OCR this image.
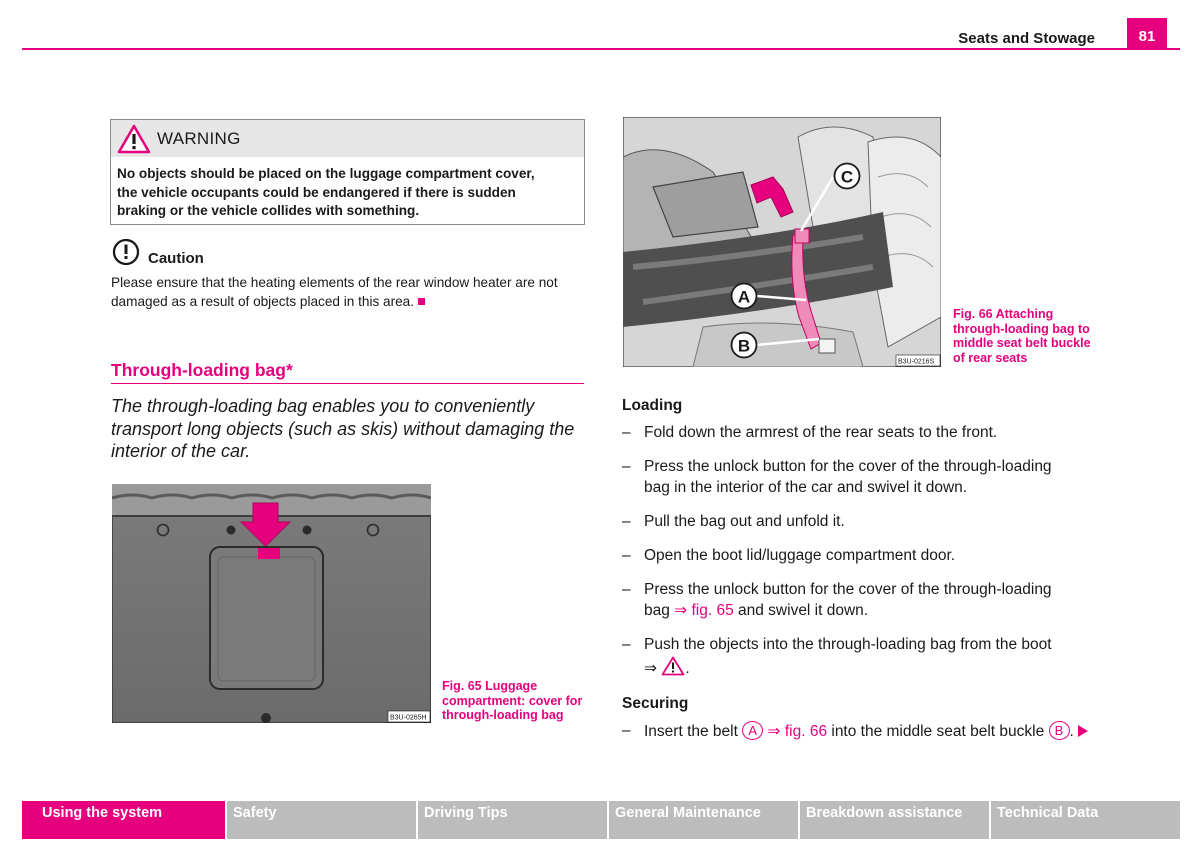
Seats and Stowage	81
WARNING
No objects should be placed on the luggage compartment cover,
the vehicle occupants could be endangered if there is sudden
braking or the vehicle collides with something.
Caution
Please ensure that the heating elements of the rear window heater are not
damaged as a result of objects placed in this area.
Through-loading bag*
The through-loading bag enables you to conveniently
transport long objects (such as skis) without damaging the
interior of the car.
B3U-0265H
Fig. 65 Luggage
compartment: cover for
through-loading bag
A
B
C
B3U-0216S
Fig. 66 Attaching
through-loading bag to
middle seat belt buckle
of rear seats
Loading
– Fold down the armrest of the rear seats to the front.
– Press the unlock button for the cover of the through-loading
bag in the interior of the car and swivel it down.
– Pull the bag out and unfold it.
– Open the boot lid/luggage compartment door.
– Press the unlock button for the cover of the through-loading
bag ⇒ fig. 65 and swivel it down.
– Push the objects into the through-loading bag from the boot
⇒ .
Securing
– Insert the belt A ⇒ fig. 66 into the middle seat belt buckle B .
Using the system	Safety	Driving Tips	General Maintenance	Breakdown assistance	Technical Data
